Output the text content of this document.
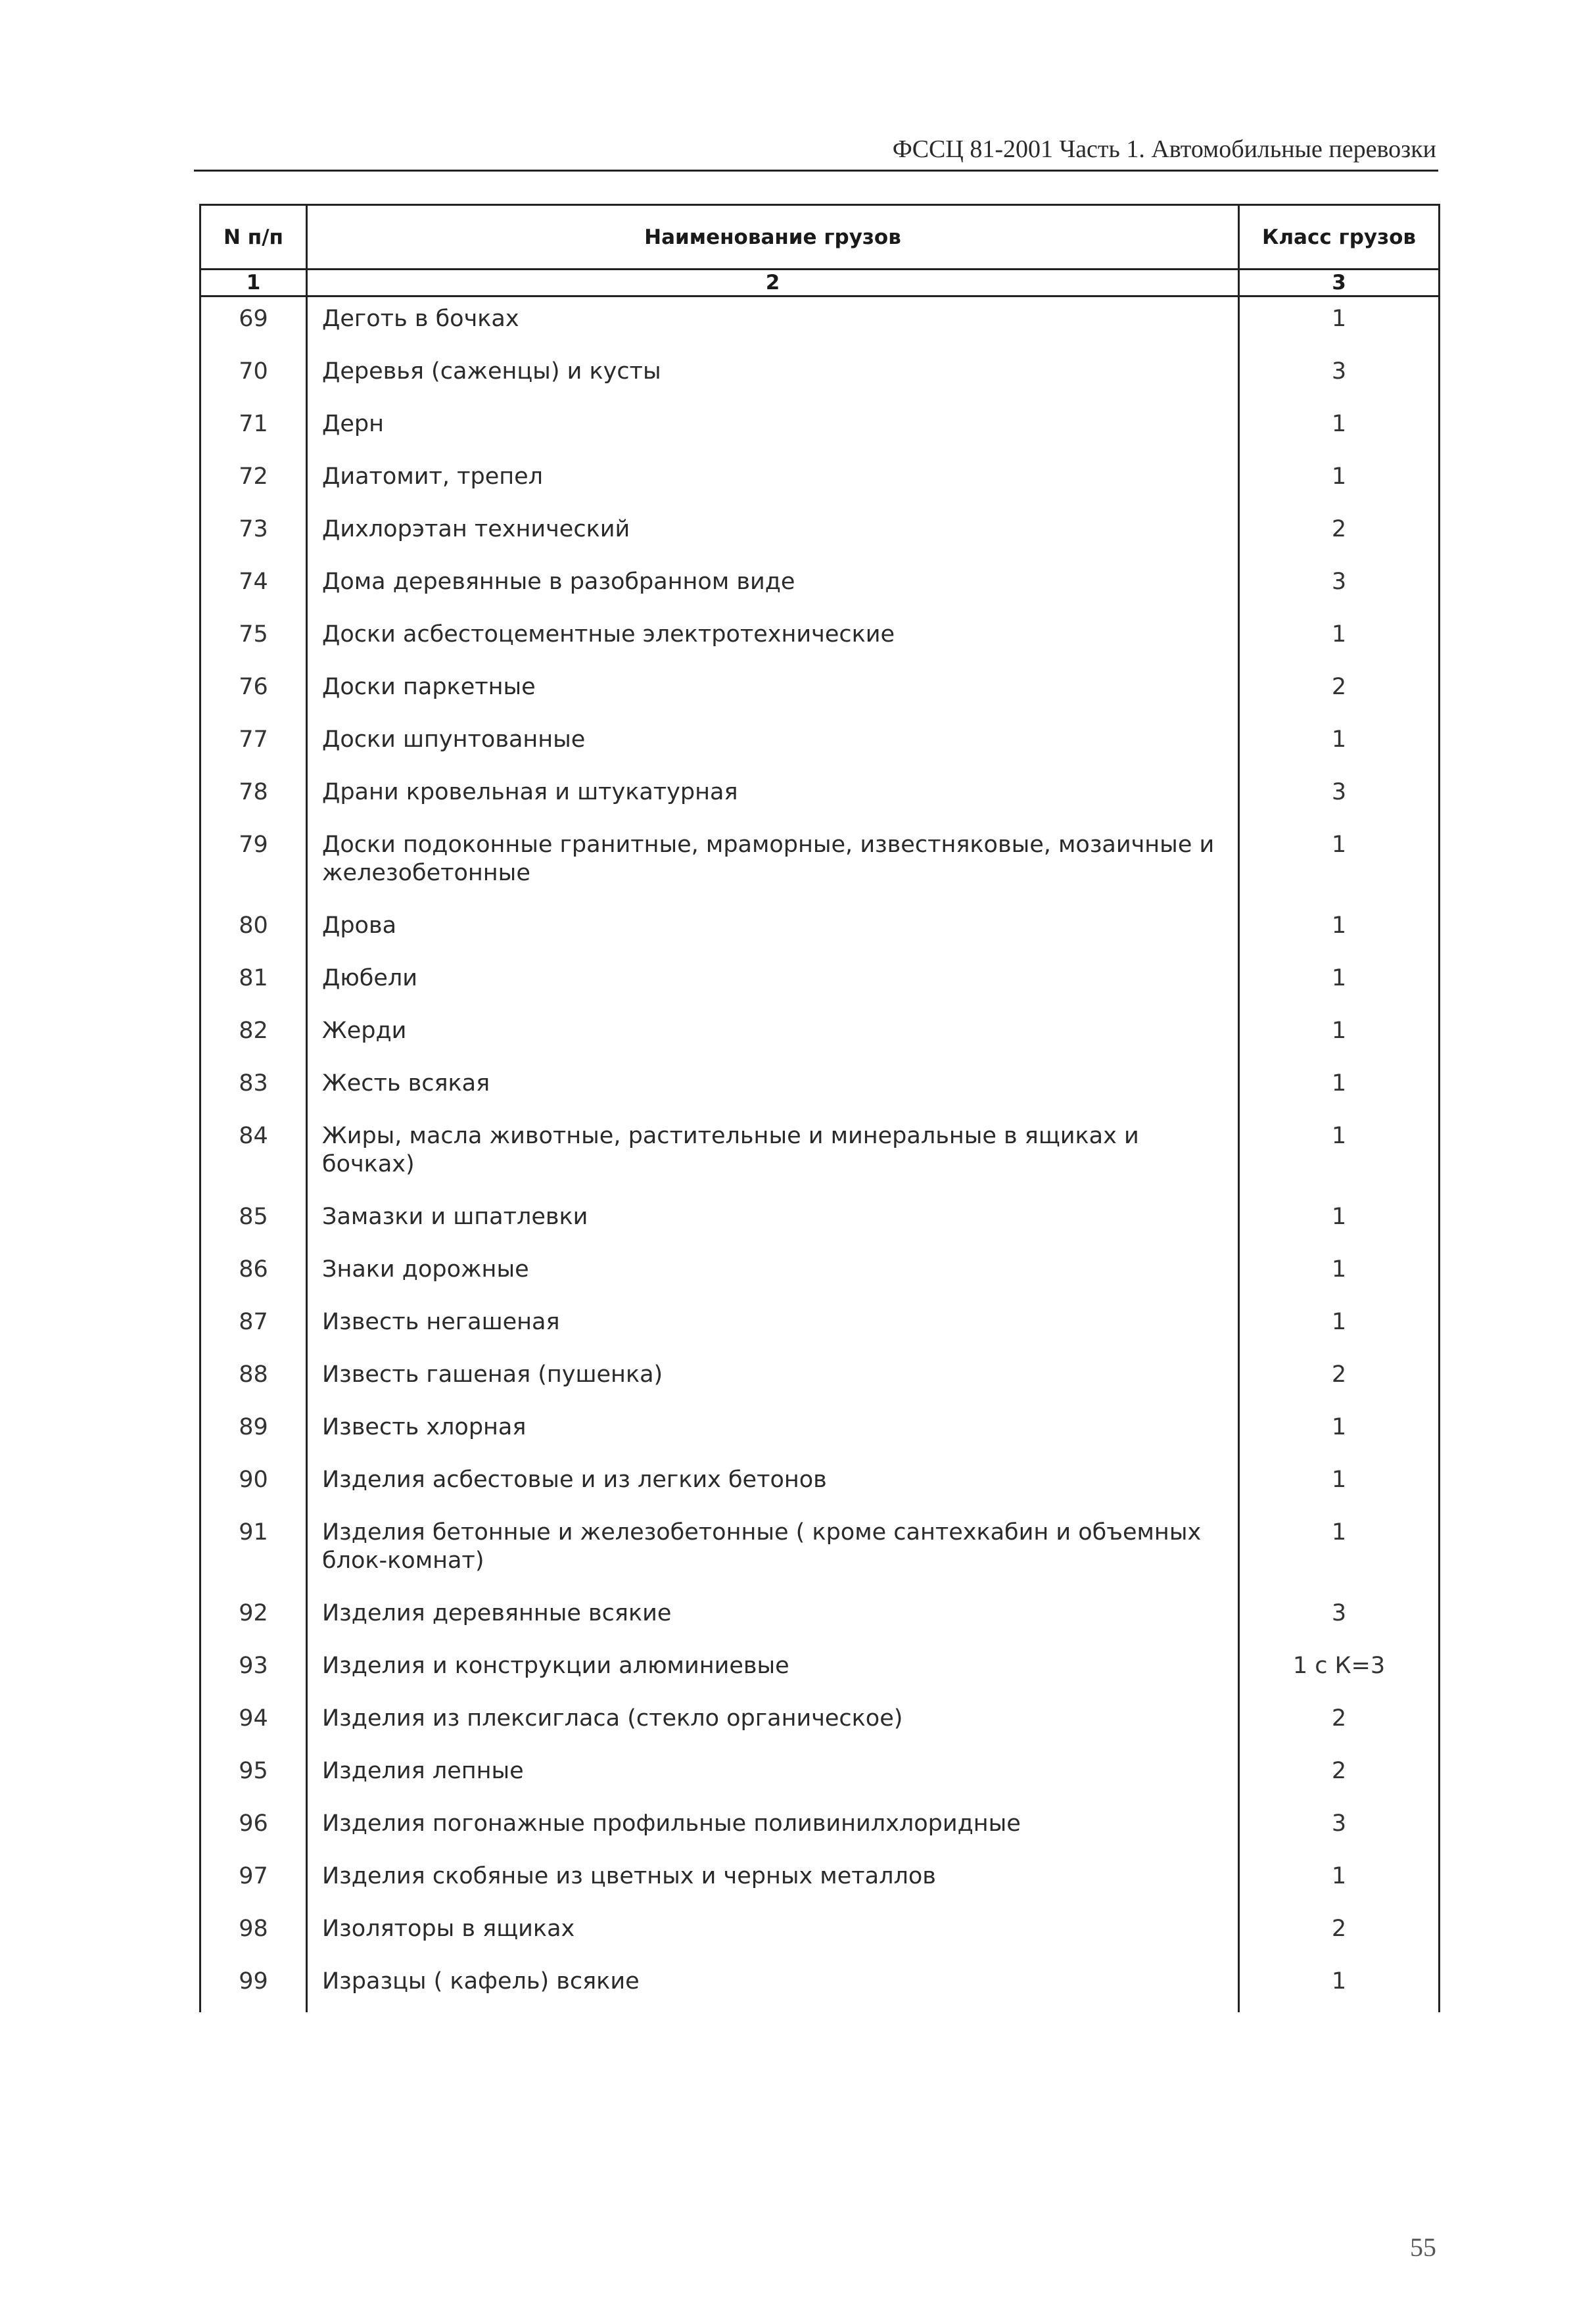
ФССЦ 81-2001 Часть 1. Автомобильные перевозки
N п/п	Наименование грузов	Класс грузов
1	2	3
69	Деготь в бочках	1
70	Деревья (саженцы) и кусты	3
71	Дерн	1
72	Диатомит, трепел	1
73	Дихлорэтан технический	2
74	Дома деревянные в разобранном виде	3
75	Доски асбестоцементные электротехнические	1
76	Доски паркетные	2
77	Доски шпунтованные	1
78	Драни кровельная и штукатурная	3
79	Доски подоконные гранитные, мраморные, известняковые, мозаичные и железобетонные	1
80	Дрова	1
81	Дюбели	1
82	Жерди	1
83	Жесть всякая	1
84	Жиры, масла животные, растительные и минеральные в ящиках и бочках)	1
85	Замазки и шпатлевки	1
86	Знаки дорожные	1
87	Известь негашеная	1
88	Известь гашеная (пушенка)	2
89	Известь хлорная	1
90	Изделия асбестовые и из легких бетонов	1
91	Изделия бетонные и железобетонные ( кроме сантехкабин и объемных блок-комнат)	1
92	Изделия деревянные всякие	3
93	Изделия и конструкции алюминиевые	1 с К=3
94	Изделия из плексигласа (стекло органическое)	2
95	Изделия лепные	2
96	Изделия погонажные профильные поливинилхлоридные	3
97	Изделия скобяные из цветных и черных металлов	1
98	Изоляторы в ящиках	2
99	Изразцы ( кафель) всякие	1
55
